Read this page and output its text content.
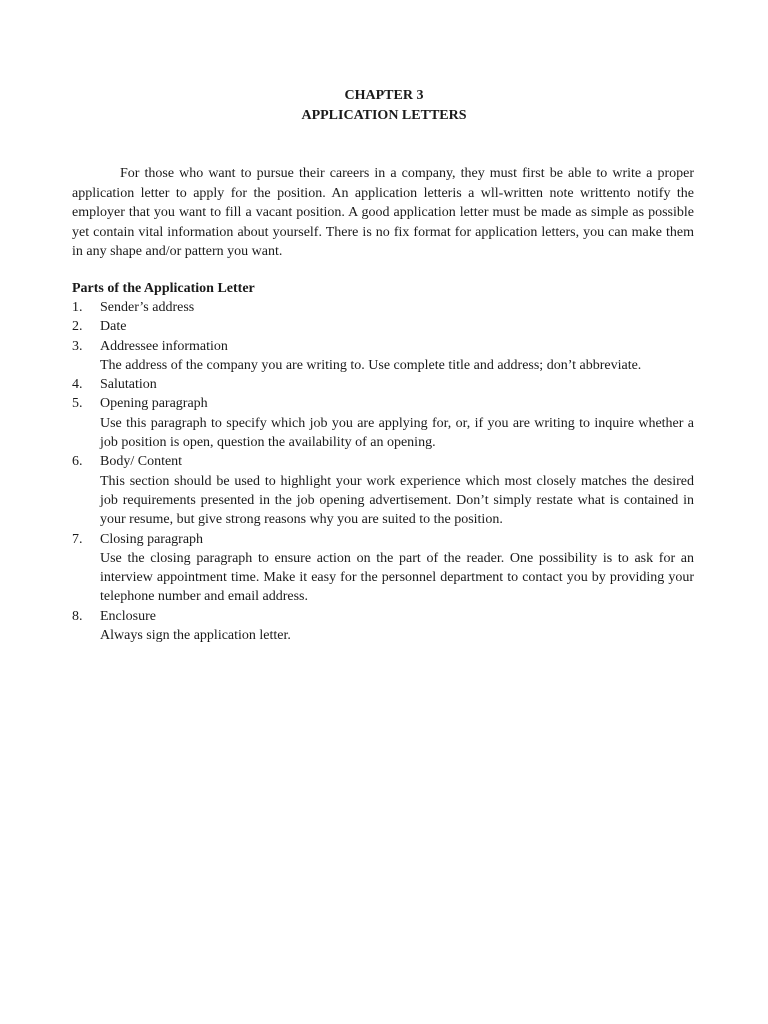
CHAPTER 3
APPLICATION LETTERS

For those who want to pursue their careers in a company, they must first be able to write a proper application letter to apply for the position. An application letteris a wll-written note writtento notify the employer that you want to fill a vacant position. A good application letter must be made as simple as possible yet contain vital information about yourself. There is no fix format for application letters, you can make them in any shape and/or pattern you want.

Parts of the Application Letter
1. Sender’s address
2. Date
3. Addressee information
The address of the company you are writing to. Use complete title and address; don’t abbreviate.
4. Salutation
5. Opening paragraph
Use this paragraph to specify which job you are applying for, or, if you are writing to inquire whether a job position is open, question the availability of an opening.
6. Body/ Content
This section should be used to highlight your work experience which most closely matches the desired job requirements presented in the job opening advertisement. Don’t simply restate what is contained in your resume, but give strong reasons why you are suited to the position.
7. Closing paragraph
Use the closing paragraph to ensure action on the part of the reader. One possibility is to ask for an interview appointment time. Make it easy for the personnel department to contact you by providing your telephone number and email address.
8. Enclosure
Always sign the application letter.
